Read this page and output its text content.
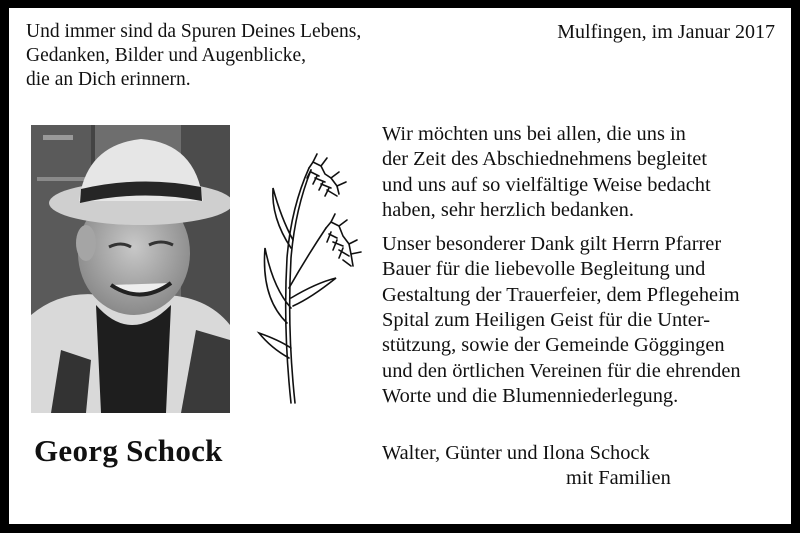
Und immer sind da Spuren Deines Lebens,
Gedanken, Bilder und Augenblicke,
die an Dich erinnern.
Mulfingen, im Januar 2017
Georg Schock

Wir möchten uns bei allen, die uns in
der Zeit des Abschiednehmens begleitet
und uns auf so vielfältige Weise bedacht
haben, sehr herzlich bedanken.

Unser besonderer Dank gilt Herrn Pfarrer
Bauer für die liebevolle Begleitung und
Gestaltung der Trauerfeier, dem Pflegeheim
Spital zum Heiligen Geist für die Unter-
stützung, sowie der Gemeinde Göggingen
und den örtlichen Vereinen für die ehrenden
Worte und die Blumenniederlegung.

Walter, Günter und Ilona Schock
mit Familien
